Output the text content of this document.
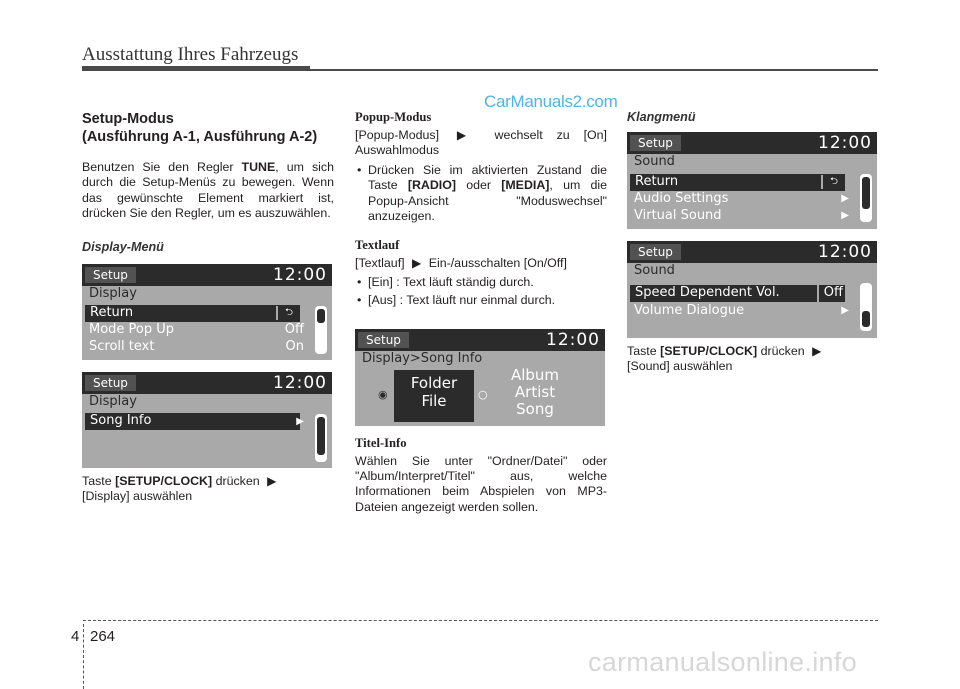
Ausstattung Ihres Fahrzeugs
CarManuals2.com
Setup-Modus
(Ausführung A-1, Ausführung A-2)

Benutzen Sie den Regler TUNE, um sich durch die Setup-Menüs zu bewegen. Wenn das gewünschte Element markiert ist, drücken Sie den Regler, um es auszuwählen.

Display-Menü
Setup	12:00
Display
Return	⮌
Mode Pop Up	Off
Scroll text	On
Setup	12:00
Display
Song Info	▶

Taste [SETUP/CLOCK] drücken ▶
[Display] auswählen

Popup-Modus

[Popup-Modus] ▶ wechselt zu [On] Auswahlmodus

• Drücken Sie im aktivierten Zustand die Taste [RADIO] oder [MEDIA], um die Popup-Ansicht "Moduswechsel" anzuzeigen.

Textlauf

[Textlauf] ▶ Ein-/ausschalten [On/Off]

• [Ein] : Text läuft ständig durch.

• [Aus] : Text läuft nur einmal durch.

Setup	12:00
Display>Song Info
◉
Folder
File	○
Album
Artist
Song
Titel-Info

Wählen Sie unter "Ordner/Datei" oder "Album/Interpret/Titel" aus, welche Informationen beim Abspielen von MP3-Dateien angezeigt werden sollen.

Klangmenü
Setup	12:00
Sound
Return	⮌
Audio Settings	▶
Virtual Sound	▶
Setup	12:00
Sound
Speed Dependent Vol.	Off
Volume Dialogue	▶

Taste [SETUP/CLOCK] drücken ▶
[Sound] auswählen

4 264
carmanualsonline.info
